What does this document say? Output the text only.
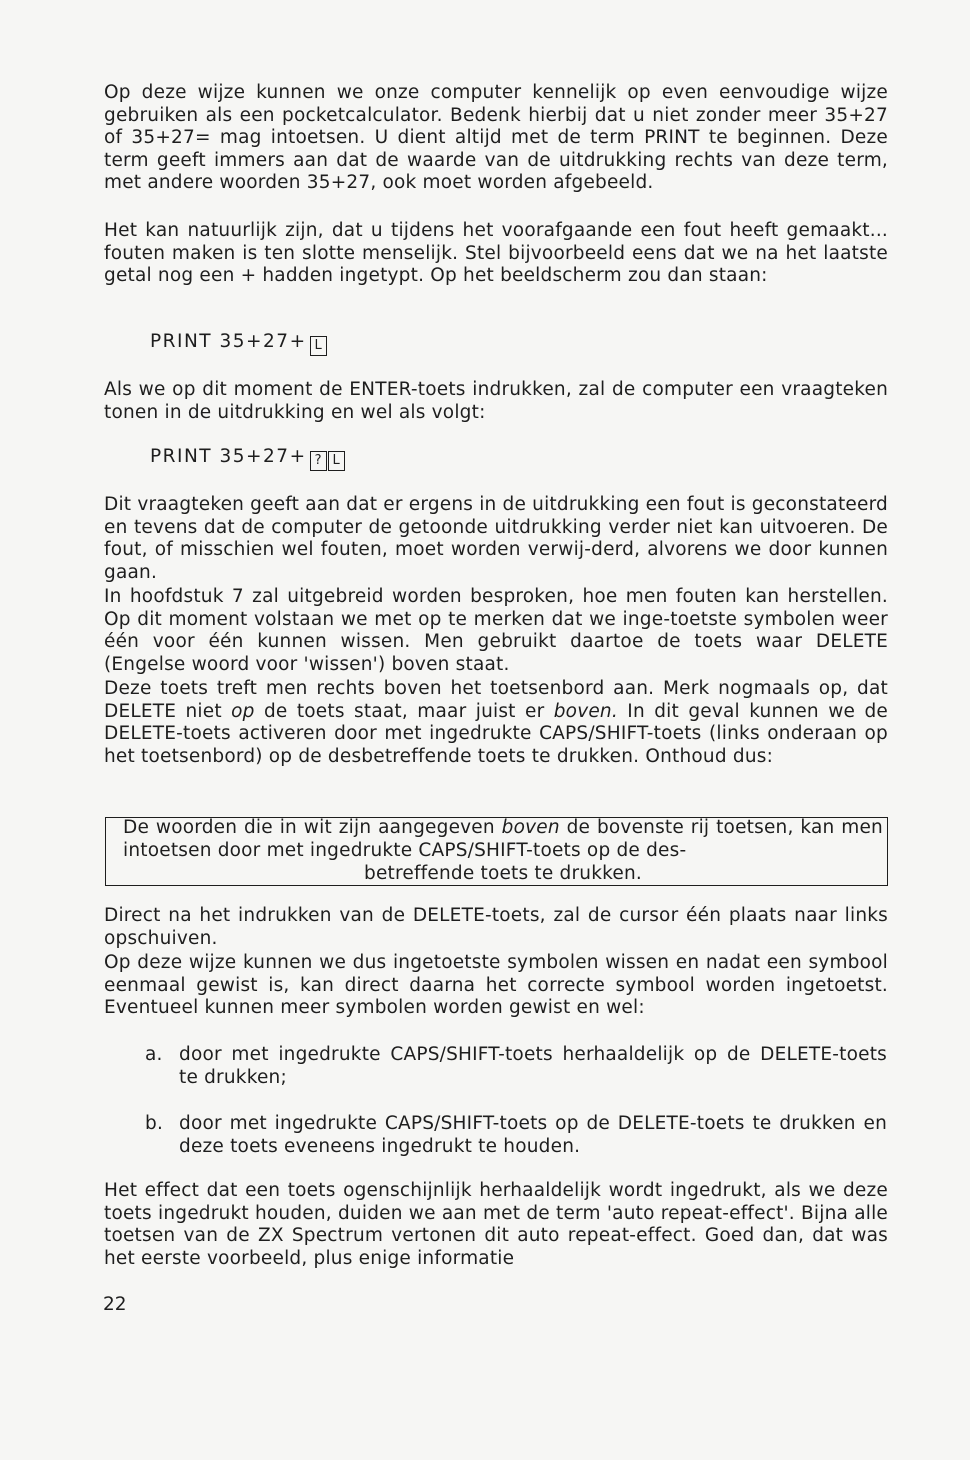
Op deze wijze kunnen we onze computer kennelijk op even eenvoudige wijze gebruiken als een pocketcalculator. Bedenk hierbij dat u niet zonder meer 35+27 of 35+27= mag intoetsen. U dient altijd met de term PRINT te beginnen. Deze term geeft immers aan dat de waarde van de uitdrukking rechts van deze term, met andere woorden 35+27, ook moet worden afgebeeld.

Het kan natuurlijk zijn, dat u tijdens het voorafgaande een fout heeft gemaakt... fouten maken is ten slotte menselijk. Stel bijvoorbeeld eens dat we na het laatste getal nog een + hadden ingetypt. Op het beeldscherm zou dan staan:

PRINT 35+27+ L

Als we op dit moment de ENTER-toets indrukken, zal de computer een vraagteken tonen in de uitdrukking en wel als volgt:

PRINT 35+27+ ? L

Dit vraagteken geeft aan dat er ergens in de uitdrukking een fout is geconstateerd en tevens dat de computer de getoonde uitdrukking verder niet kan uitvoeren. De fout, of misschien wel fouten, moet worden verwij-derd, alvorens we door kunnen gaan.

In hoofdstuk 7 zal uitgebreid worden besproken, hoe men fouten kan herstellen. Op dit moment volstaan we met op te merken dat we inge-toetste symbolen weer één voor één kunnen wissen. Men gebruikt daartoe de toets waar DELETE (Engelse woord voor 'wissen') boven staat.

Deze toets treft men rechts boven het toetsenbord aan. Merk nogmaals op, dat DELETE niet op de toets staat, maar juist er boven. In dit geval kunnen we de DELETE-toets activeren door met ingedrukte CAPS/SHIFT-toets (links onderaan op het toetsenbord) op de desbetreffende toets te drukken. Onthoud dus:

De woorden die in wit zijn aangegeven boven de bovenste rij toetsen, kan men intoetsen door met ingedrukte CAPS/SHIFT-toets op de des-
betreffende toets te drukken.

Direct na het indrukken van de DELETE-toets, zal de cursor één plaats naar links opschuiven.

Op deze wijze kunnen we dus ingetoetste symbolen wissen en nadat een symbool eenmaal gewist is, kan direct daarna het correcte symbool worden ingetoetst. Eventueel kunnen meer symbolen worden gewist en wel:

a. door met ingedrukte CAPS/SHIFT-toets herhaaldelijk op de DELETE-toets te drukken;
b. door met ingedrukte CAPS/SHIFT-toets op de DELETE-toets te drukken en deze toets eveneens ingedrukt te houden.

Het effect dat een toets ogenschijnlijk herhaaldelijk wordt ingedrukt, als we deze toets ingedrukt houden, duiden we aan met de term 'auto repeat-effect'. Bijna alle toetsen van de ZX Spectrum vertonen dit auto repeat-effect. Goed dan, dat was het eerste voorbeeld, plus enige informatie

22
